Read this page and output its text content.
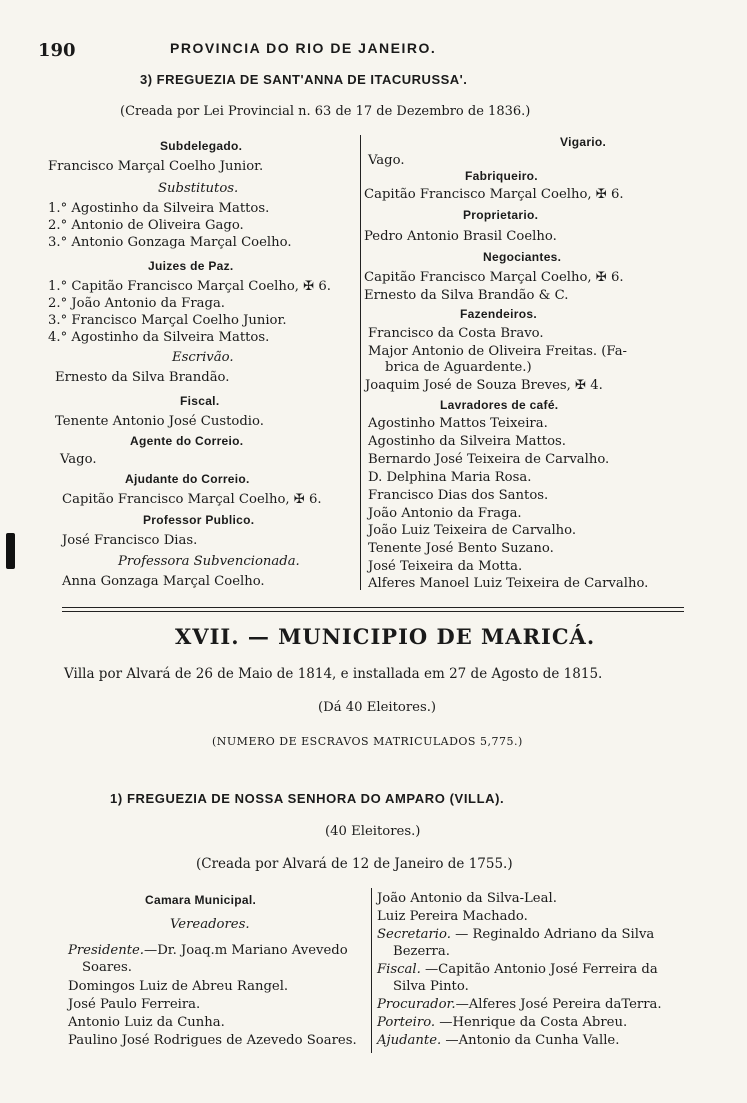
190	PROVINCIA DO RIO DE JANEIRO.
3) FREGUEZIA DE SANT'ANNA DE ITACURUSSA'.
(Creada por Lei Provincial n. 63 de 17 de Dezembro de 1836.)
Subdelegado.
Francisco Marçal Coelho Junior.
Substitutos.
1.° Agostinho da Silveira Mattos.
2.° Antonio de Oliveira Gago.
3.° Antonio Gonzaga Marçal Coelho.
Juizes de Paz.
1.° Capitão Francisco Marçal Coelho, ✠ 6.
2.° João Antonio da Fraga.
3.° Francisco Marçal Coelho Junior.
4.° Agostinho da Silveira Mattos.
Escrivão.
Ernesto da Silva Brandão.
Fiscal.
Tenente Antonio José Custodio.
Agente do Correio.
Vago.
Ajudante do Correio.
Capitão Francisco Marçal Coelho, ✠ 6.
Professor Publico.
José Francisco Dias.
Professora Subvencionada.
Anna Gonzaga Marçal Coelho.
Vigario.
Vago.
Fabriqueiro.
Capitão Francisco Marçal Coelho, ✠ 6.
Proprietario.
Pedro Antonio Brasil Coelho.
Negociantes.
Capitão Francisco Marçal Coelho, ✠ 6.
Ernesto da Silva Brandão & C.
Fazendeiros.
Francisco da Costa Bravo.
Major Antonio de Oliveira Freitas. (Fa-
brica de Aguardente.)
Joaquim José de Souza Breves, ✠ 4.
Lavradores de café.
Agostinho Mattos Teixeira.
Agostinho da Silveira Mattos.
Bernardo José Teixeira de Carvalho.
D. Delphina Maria Rosa.
Francisco Dias dos Santos.
João Antonio da Fraga.
João Luiz Teixeira de Carvalho.
Tenente José Bento Suzano.
José Teixeira da Motta.
Alferes Manoel Luiz Teixeira de Carvalho.
XVII. — MUNICIPIO DE MARICÁ.
Villa por Alvará de 26 de Maio de 1814, e installada em 27 de Agosto de 1815.
(Dá 40 Eleitores.)
(NUMERO DE ESCRAVOS MATRICULADOS 5,775.)
1) FREGUEZIA DE NOSSA SENHORA DO AMPARO (VILLA).
(40 Eleitores.)
(Creada por Alvará de 12 de Janeiro de 1755.)
Camara Municipal.
Vereadores.
Presidente.—Dr. Joaq.m Mariano Avevedo
Soares.
Domingos Luiz de Abreu Rangel.
José Paulo Ferreira.
Antonio Luiz da Cunha.
Paulino José Rodrigues de Azevedo Soares.
João Antonio da Silva-Leal.
Luiz Pereira Machado.
Secretario. — Reginaldo Adriano da Silva
Bezerra.
Fiscal. —Capitão Antonio José Ferreira da
Silva Pinto.
Procurador.—Alferes José Pereira daTerra.
Porteiro. —Henrique da Costa Abreu.
Ajudante. —Antonio da Cunha Valle.
